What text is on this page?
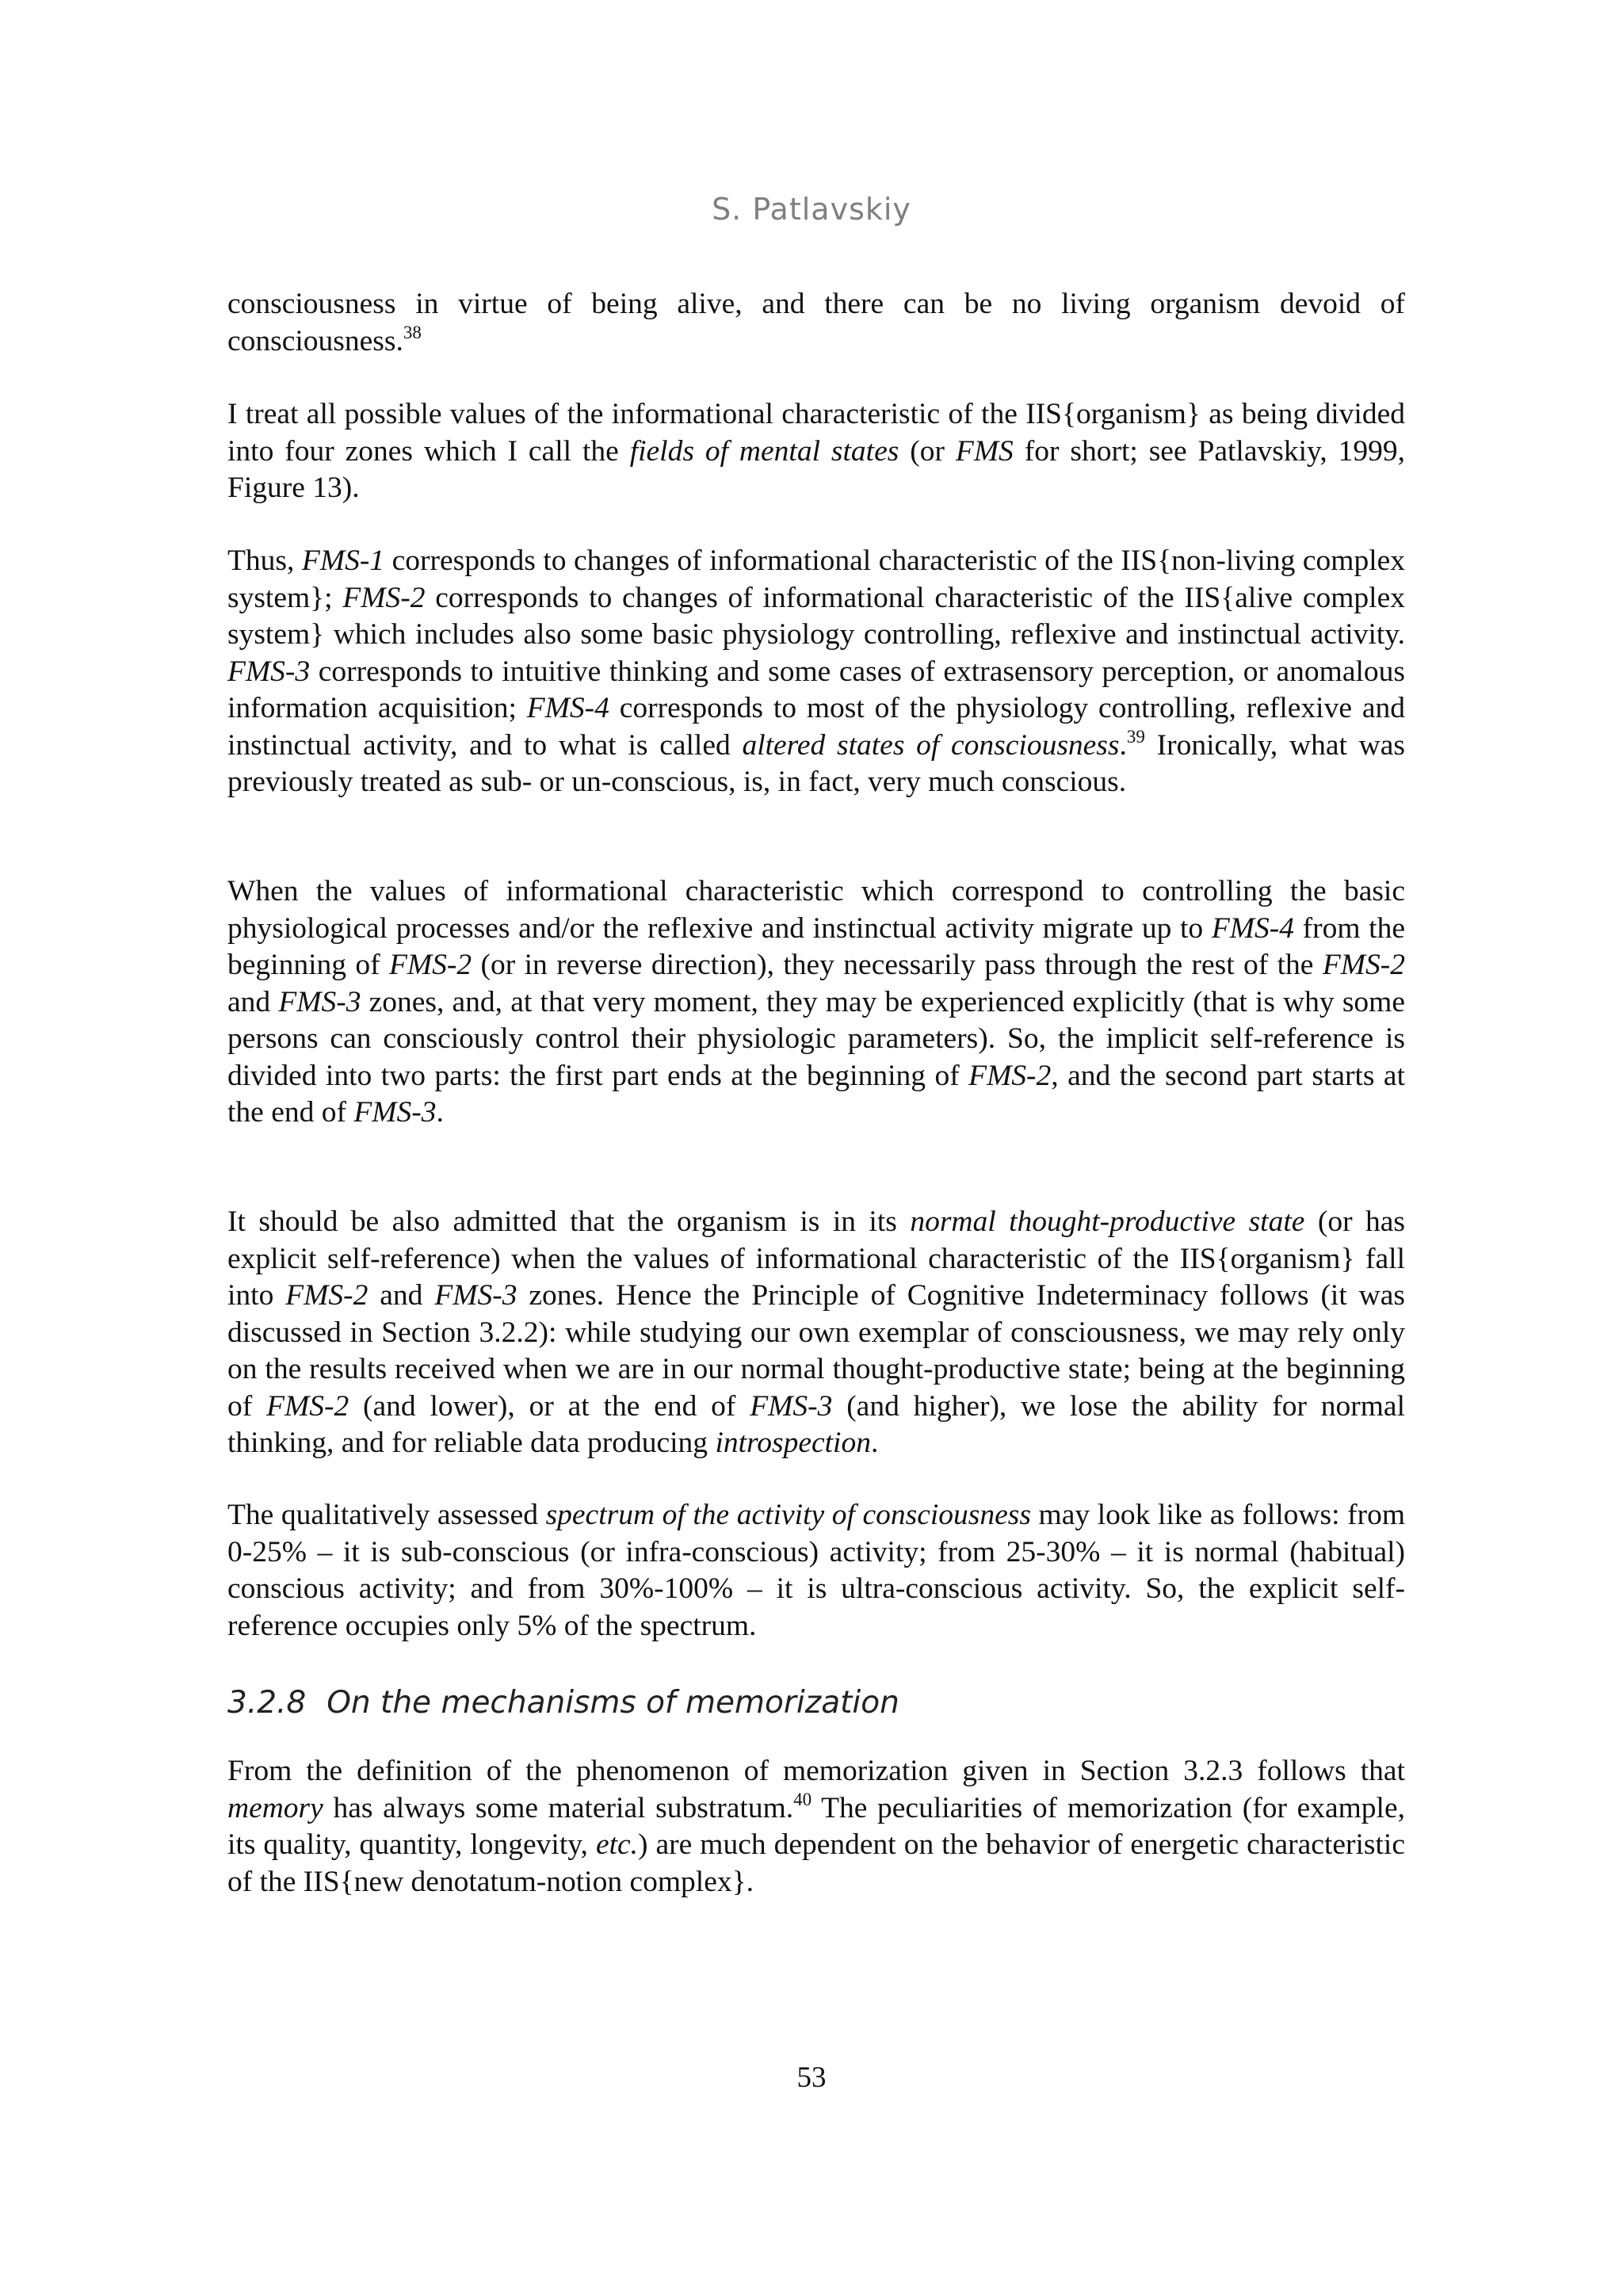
S. Patlavskiy

consciousness in virtue of being alive, and there can be no living organism devoid of consciousness.$^{38}$

I treat all possible values of the informational characteristic of the IIS{organism} as being divided into four zones which I call the fields of mental states (or FMS for short; see Patlavskiy, 1999, Figure 13).

Thus, FMS-1 corresponds to changes of informational characteristic of the IIS{non-living complex system}; FMS-2 corresponds to changes of informational characteristic of the IIS{alive complex system} which includes also some basic physiology controlling, reflexive and instinctual activity. FMS-3 corresponds to intuitive thinking and some cases of extrasensory perception, or anomalous information acquisition; FMS-4 corresponds to most of the physiology controlling, reflexive and instinctual activity, and to what is called altered states of consciousness.$^{39}$ Ironically, what was previously treated as sub- or un-conscious, is, in fact, very much conscious.

When the values of informational characteristic which correspond to controlling the basic physiological processes and/or the reflexive and instinctual activity migrate up to FMS-4 from the beginning of FMS-2 (or in reverse direction), they necessarily pass through the rest of the FMS-2 and FMS-3 zones, and, at that very moment, they may be experienced explicitly (that is why some persons can consciously control their physiologic parameters). So, the implicit self-reference is divided into two parts: the first part ends at the beginning of FMS-2, and the second part starts at the end of FMS-3.

It should be also admitted that the organism is in its normal thought-productive state (or has explicit self-reference) when the values of informational characteristic of the IIS{organism} fall into FMS-2 and FMS-3 zones. Hence the Principle of Cognitive Indeterminacy follows (it was discussed in Section 3.2.2): while studying our own exemplar of consciousness, we may rely only on the results received when we are in our normal thought-productive state; being at the beginning of FMS-2 (and lower), or at the end of FMS-3 (and higher), we lose the ability for normal thinking, and for reliable data producing introspection.

The qualitatively assessed spectrum of the activity of consciousness may look like as follows: from 0-25% – it is sub-conscious (or infra-conscious) activity; from 25-30% – it is normal (habitual) conscious activity; and from 30%-100% – it is ultra-conscious activity. So, the explicit self-reference occupies only 5% of the spectrum.

3.2.8 On the mechanisms of memorization

From the definition of the phenomenon of memorization given in Section 3.2.3 follows that memory has always some material substratum.$^{40}$ The peculiarities of memorization (for example, its quality, quantity, longevity, etc.) are much dependent on the behavior of energetic characteristic of the IIS{new denotatum-notion complex}.

53
